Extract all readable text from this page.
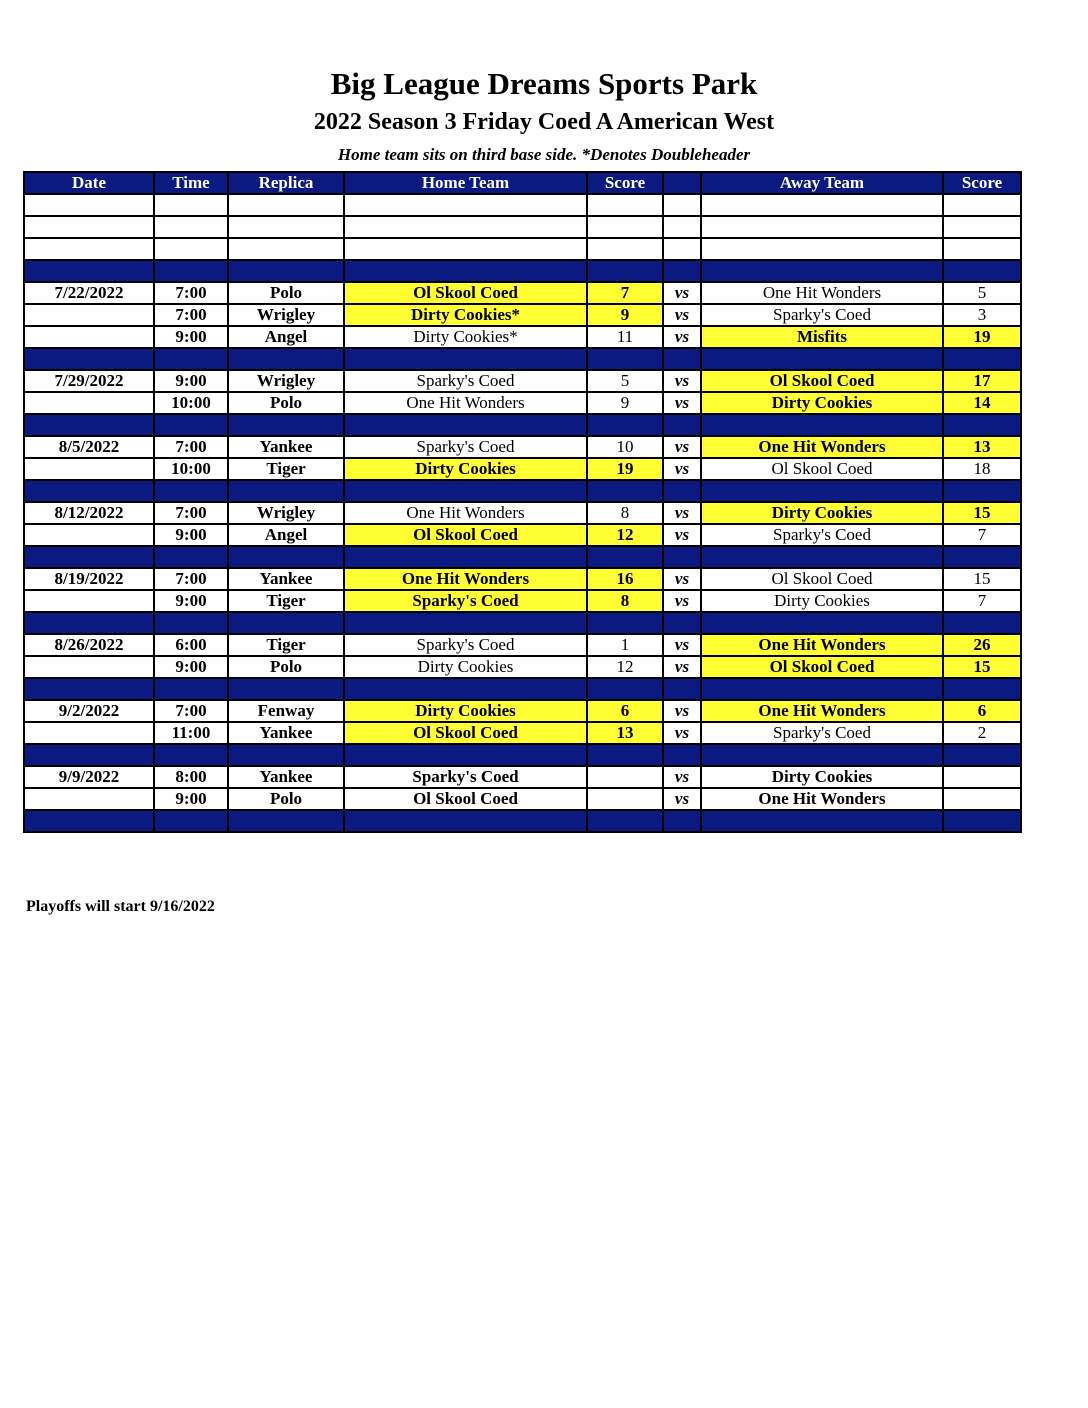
Big League Dreams Sports Park
2022 Season 3 Friday Coed A American West
Home team sits on third base side. *Denotes Doubleheader
Date	Time	Replica	Home Team	Score		Away Team	Score

7/22/2022	7:00	Polo	Ol Skool Coed	7	vs	One Hit Wonders	5
	7:00	Wrigley	Dirty Cookies*	9	vs	Sparky's Coed	3
	9:00	Angel	Dirty Cookies*	11	vs	Misfits	19

7/29/2022	9:00	Wrigley	Sparky's Coed	5	vs	Ol Skool Coed	17
	10:00	Polo	One Hit Wonders	9	vs	Dirty Cookies	14

8/5/2022	7:00	Yankee	Sparky's Coed	10	vs	One Hit Wonders	13
	10:00	Tiger	Dirty Cookies	19	vs	Ol Skool Coed	18

8/12/2022	7:00	Wrigley	One Hit Wonders	8	vs	Dirty Cookies	15
	9:00	Angel	Ol Skool Coed	12	vs	Sparky's Coed	7

8/19/2022	7:00	Yankee	One Hit Wonders	16	vs	Ol Skool Coed	15
	9:00	Tiger	Sparky's Coed	8	vs	Dirty Cookies	7

8/26/2022	6:00	Tiger	Sparky's Coed	1	vs	One Hit Wonders	26
	9:00	Polo	Dirty Cookies	12	vs	Ol Skool Coed	15

9/2/2022	7:00	Fenway	Dirty Cookies	6	vs	One Hit Wonders	6
	11:00	Yankee	Ol Skool Coed	13	vs	Sparky's Coed	2

9/9/2022	8:00	Yankee	Sparky's Coed		vs	Dirty Cookies	
	9:00	Polo	Ol Skool Coed		vs	One Hit Wonders	

Playoffs will start 9/16/2022
